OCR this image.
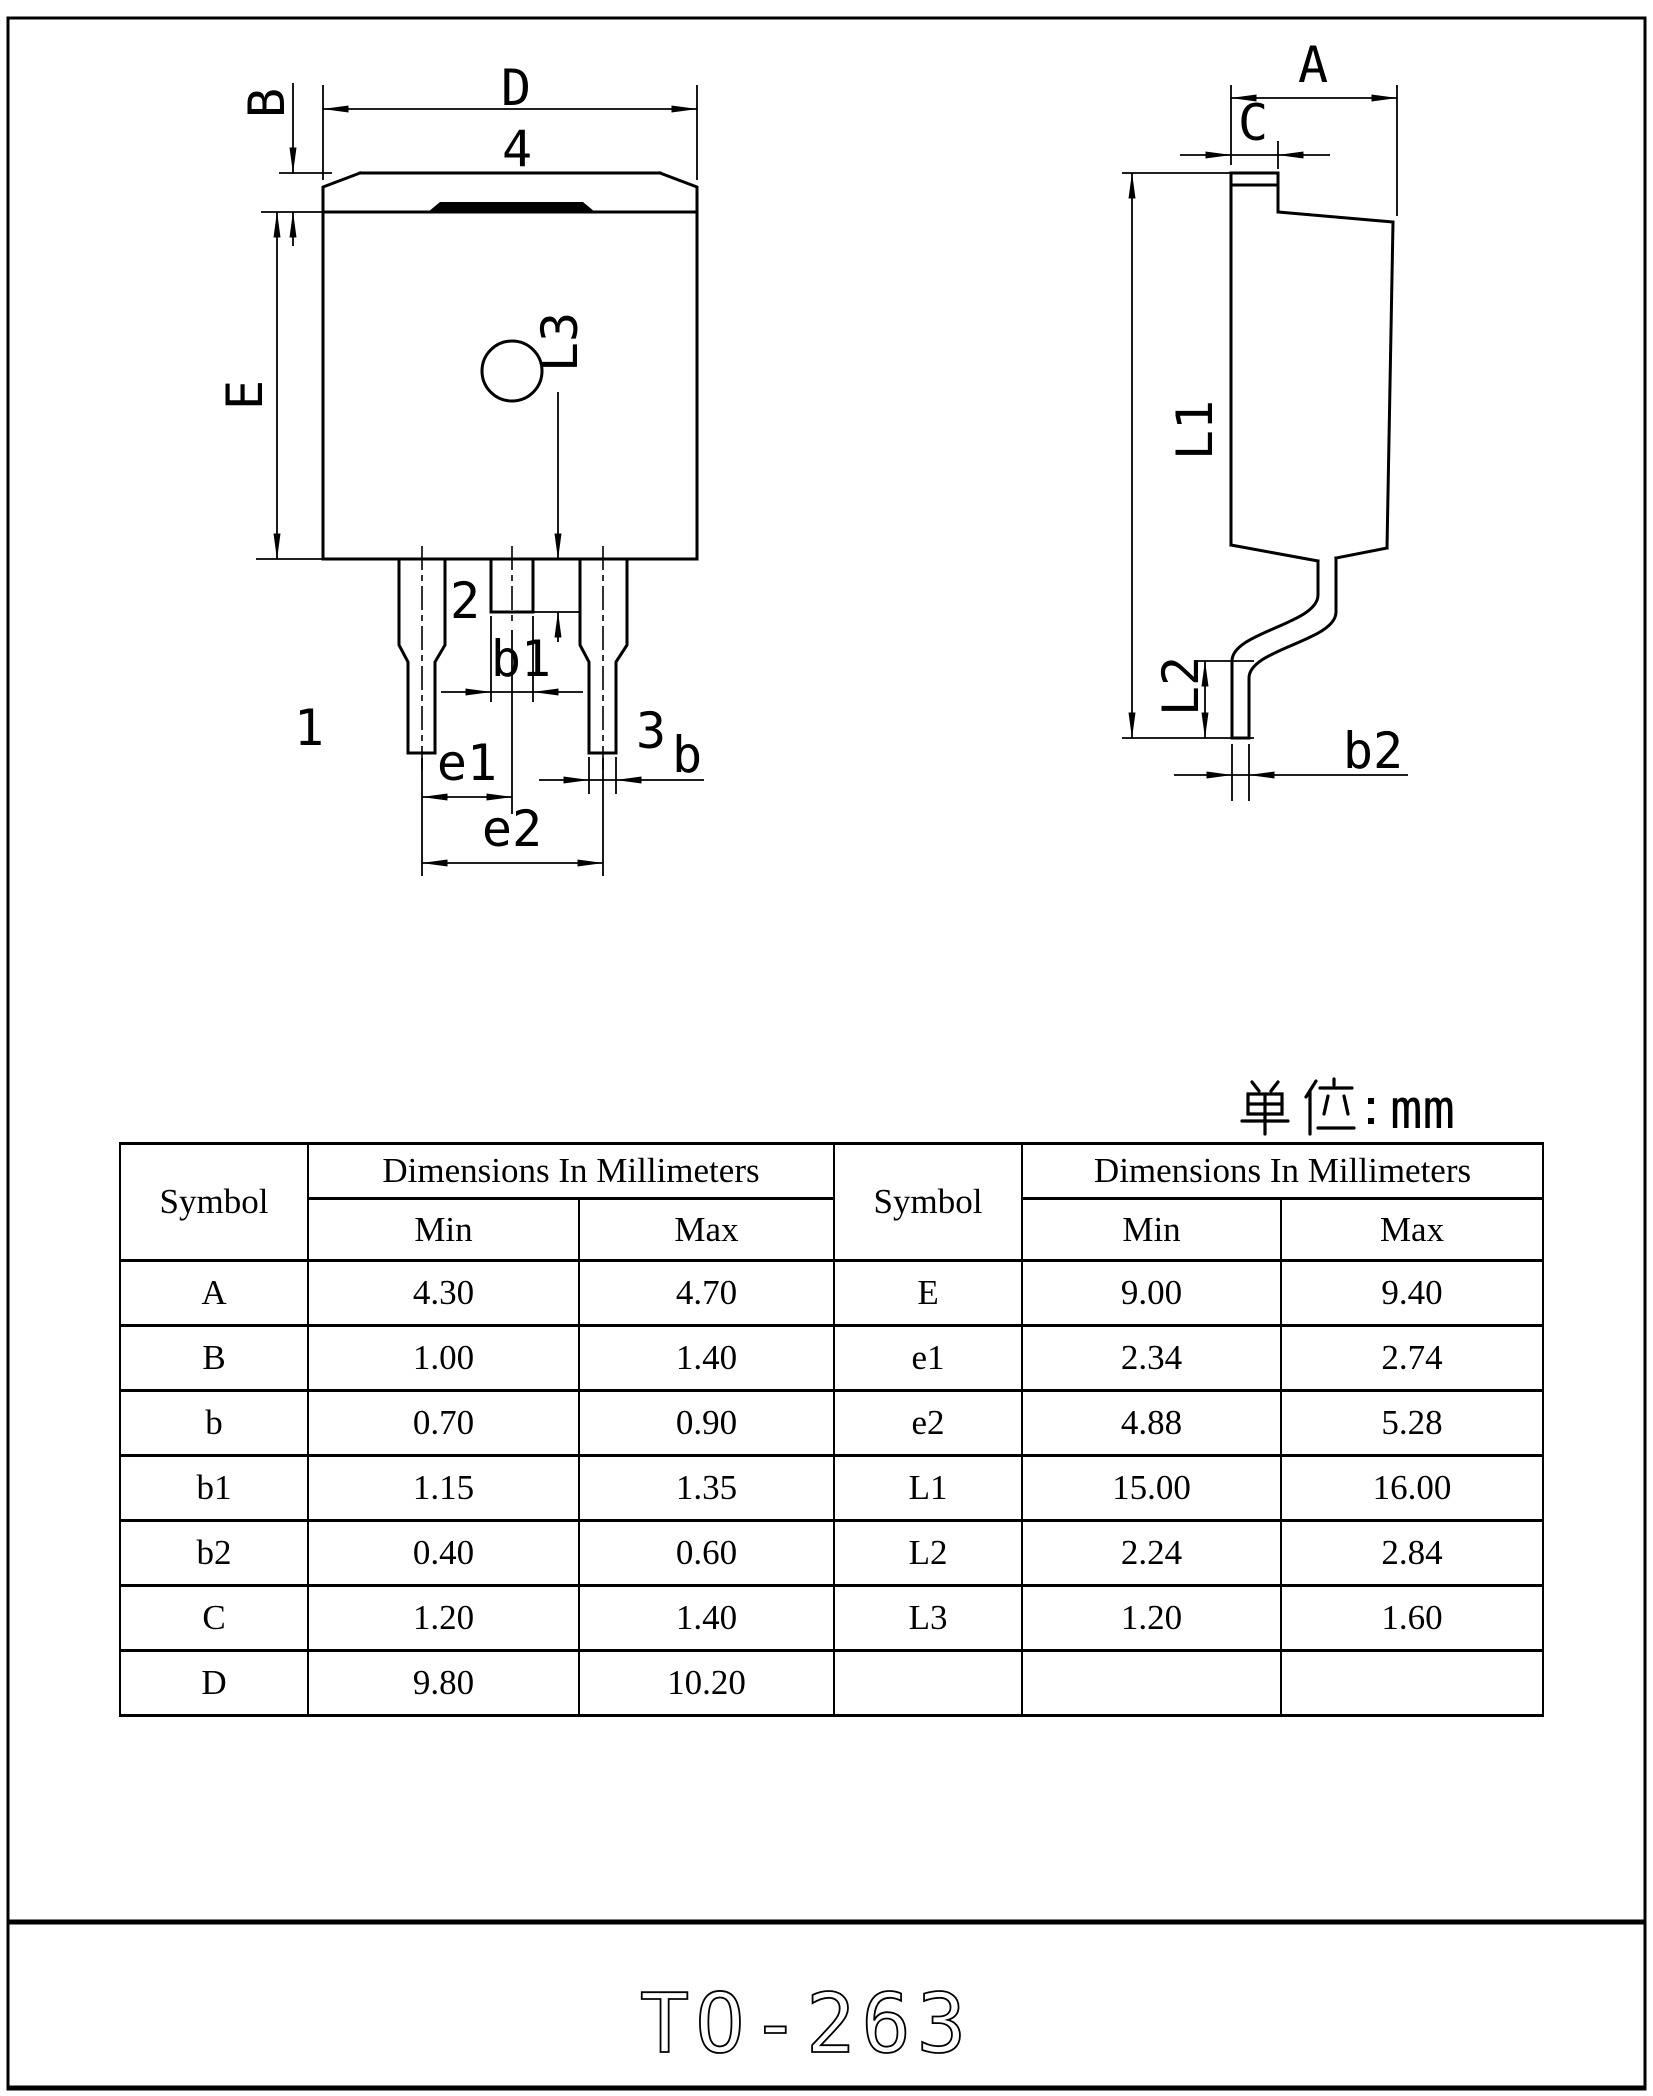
D
4
B
E
L3
b1
e1
e2
b
1
2
3
A
C
L1
L2
b2
mm
TO-263
Symbol	Dimensions In Millimeters		Symbol	Dimensions In Millimeters	
	Min	Max		Min	Max
A	4.30	4.70	E	9.00	9.40
B	1.00	1.40	e1	2.34	2.74
b	0.70	0.90	e2	4.88	5.28
b1	1.15	1.35	L1	15.00	16.00
b2	0.40	0.60	L2	2.24	2.84
C	1.20	1.40	L3	1.20	1.60
D	9.80	10.20			
